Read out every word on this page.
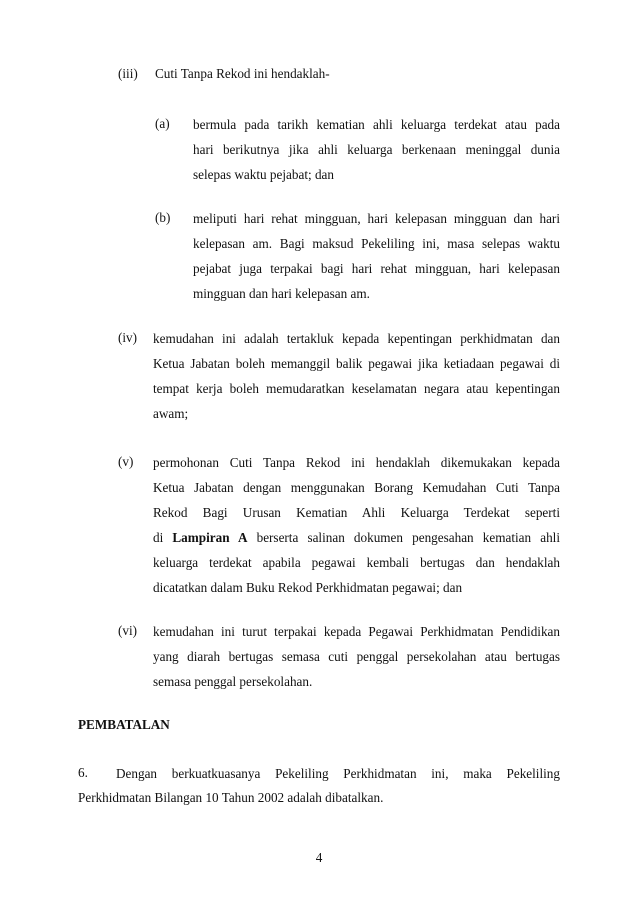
(iii) Cuti Tanpa Rekod ini hendaklah-
(a) bermula pada tarikh kematian ahli keluarga terdekat atau pada
hari berikutnya jika ahli keluarga berkenaan meninggal dunia
selepas waktu pejabat; dan
(b) meliputi hari rehat mingguan, hari kelepasan mingguan dan hari
kelepasan am. Bagi maksud Pekeliling ini, masa selepas waktu
pejabat juga terpakai bagi hari rehat mingguan, hari kelepasan
mingguan dan hari kelepasan am.
(iv) kemudahan ini adalah tertakluk kepada kepentingan perkhidmatan dan
Ketua Jabatan boleh memanggil balik pegawai jika ketiadaan pegawai di
tempat kerja boleh memudaratkan keselamatan negara atau kepentingan
awam;
(v) permohonan Cuti Tanpa Rekod ini hendaklah dikemukakan kepada
Ketua Jabatan dengan menggunakan Borang Kemudahan Cuti Tanpa
Rekod Bagi Urusan Kematian Ahli Keluarga Terdekat seperti
di Lampiran A berserta salinan dokumen pengesahan kematian ahli
keluarga terdekat apabila pegawai kembali bertugas dan hendaklah
dicatatkan dalam Buku Rekod Perkhidmatan pegawai; dan
(vi) kemudahan ini turut terpakai kepada Pegawai Perkhidmatan Pendidikan
yang diarah bertugas semasa cuti penggal persekolahan atau bertugas
semasa penggal persekolahan.
PEMBATALAN
6. Dengan berkuatkuasanya Pekeliling Perkhidmatan ini, maka Pekeliling
Perkhidmatan Bilangan 10 Tahun 2002 adalah dibatalkan.
4
